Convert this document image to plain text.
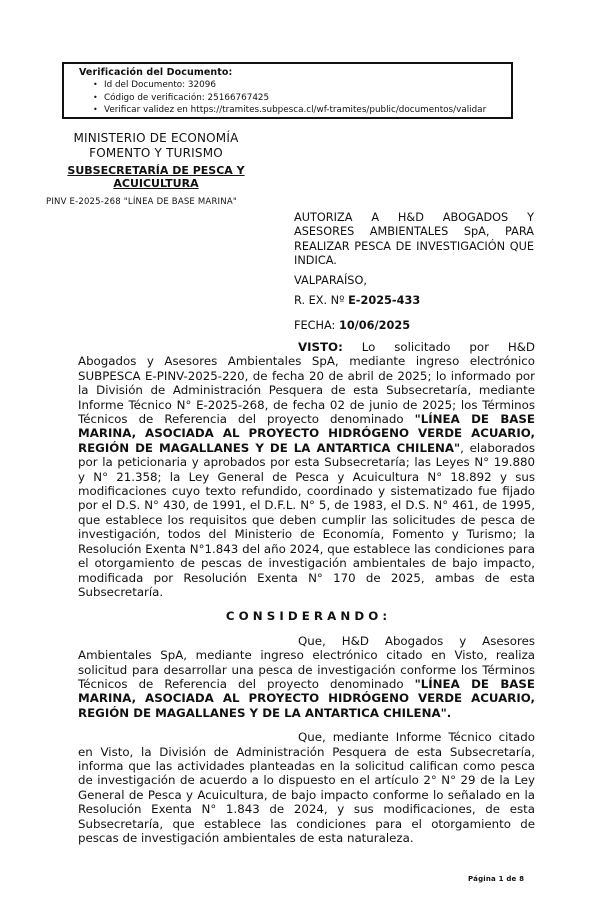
Verificación del Documento:
• Id del Documento: 32096
• Código de verificación: 25166767425
• Verificar validez en https://tramites.subpesca.cl/wf-tramites/public/documentos/validar
MINISTERIO DE ECONOMÍA
FOMENTO Y TURISMO
SUBSECRETARÍA DE PESCA Y
ACUICULTURA
PINV E-2025-268 "LÍNEA DE BASE MARINA"

AUTORIZA A H&D ABOGADOS Y ASESORES AMBIENTALES SpA, PARA REALIZAR PESCA DE INVESTIGACIÓN QUE INDICA.

VALPARAÍSO,

R. EX. Nº E-2025-433

FECHA: 10/06/2025

VISTO: Lo solicitado por H&D Abogados y Asesores Ambientales SpA, mediante ingreso electrónico SUBPESCA E-PINV-2025-220, de fecha 20 de abril de 2025; lo informado por la División de Administración Pesquera de esta Subsecretaría, mediante Informe Técnico N° E-2025-268, de fecha 02 de junio de 2025; los Términos Técnicos de Referencia del proyecto denominado "LÍNEA DE BASE MARINA, ASOCIADA AL PROYECTO HIDRÓGENO VERDE ACUARIO, REGIÓN DE MAGALLANES Y DE LA ANTARTICA CHILENA", elaborados por la peticionaria y aprobados por esta Subsecretaría; las Leyes N° 19.880 y N° 21.358; la Ley General de Pesca y Acuicultura N° 18.892 y sus modificaciones cuyo texto refundido, coordinado y sistematizado fue fijado por el D.S. N° 430, de 1991, el D.F.L. N° 5, de 1983, el D.S. N° 461, de 1995, que establece los requisitos que deben cumplir las solicitudes de pesca de investigación, todos del Ministerio de Economía, Fomento y Turismo; la Resolución Exenta N°1.843 del año 2024, que establece las condiciones para el otorgamiento de pescas de investigación ambientales de bajo impacto, modificada por Resolución Exenta N° 170 de 2025, ambas de esta Subsecretaría.

C O N S I D E R A N D O :

Que, H&D Abogados y Asesores Ambientales SpA, mediante ingreso electrónico citado en Visto, realiza solicitud para desarrollar una pesca de investigación conforme los Términos Técnicos de Referencia del proyecto denominado "LÍNEA DE BASE MARINA, ASOCIADA AL PROYECTO HIDRÓGENO VERDE ACUARIO, REGIÓN DE MAGALLANES Y DE LA ANTARTICA CHILENA".

Que, mediante Informe Técnico citado en Visto, la División de Administración Pesquera de esta Subsecretaría, informa que las actividades planteadas en la solicitud califican como pesca de investigación de acuerdo a lo dispuesto en el artículo 2° N° 29 de la Ley General de Pesca y Acuicultura, de bajo impacto conforme lo señalado en la Resolución Exenta N° 1.843 de 2024, y sus modificaciones, de esta Subsecretaría, que establece las condiciones para el otorgamiento de pescas de investigación ambientales de esta naturaleza.

Página 1 de 8
